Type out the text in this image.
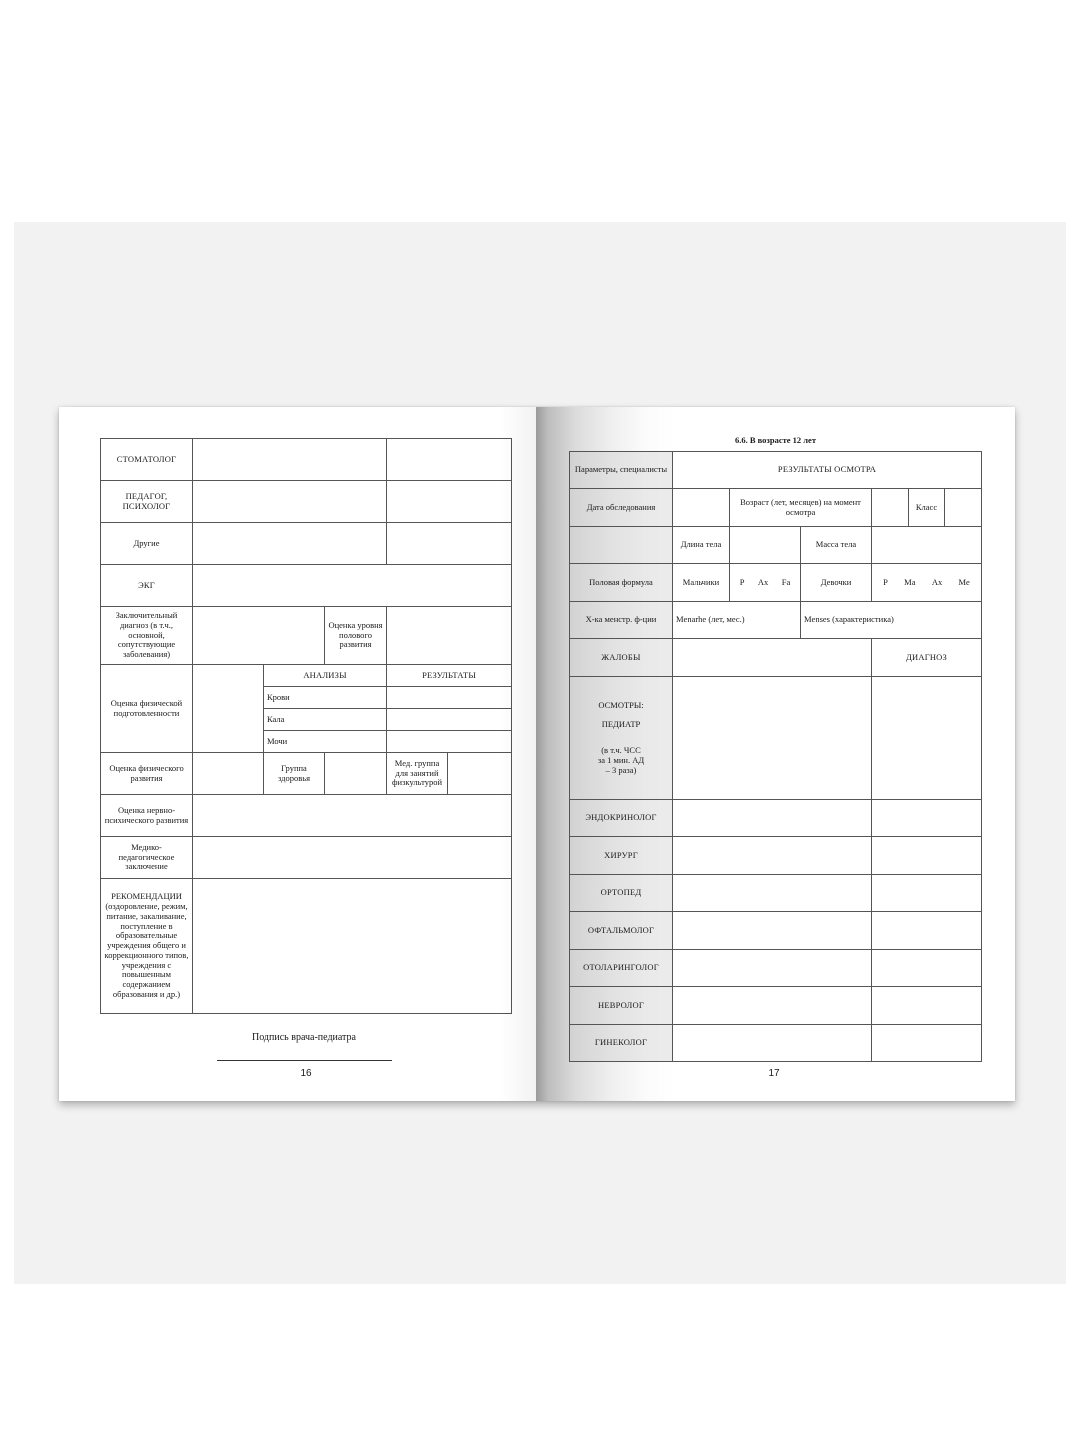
СТОМАТОЛОГ					
ПЕДАГОГ, ПСИХОЛОГ					
Другие					
ЭКГ					
Заключительный диагноз (в т.ч., основной, сопутствующие заболевания)			Оценка уровня полового развития		
Оценка физической подготовленности		АНАЛИЗЫ		РЕЗУЛЬТАТЫ	
		Крови			
		Кала			
		Мочи			
Оценка физического развития		Группа здоровья		Мед. группа для занятий физкультурой	
Оценка нервно-психического развития					
Медико-педагогическое заключение					
РЕКОМЕНДАЦИИ (оздоровление, режим, питание, закаливание, поступление в образовательные учреждения общего и коррекционного типов, учреждения с повышенным содержанием образования и др.)					
Подпись врача-педиатра
16
6.6. В возрасте 12 лет
Параметры, специалисты	РЕЗУЛЬТАТЫ ОСМОТРА					
Дата обследования		Возраст (лет, месяцев) на момент осмотра			Класс	
	Длина тела		Масса тела			
Половая формула	Мальчики	P Ax Fa	Девочки	P Ma Ax Me		

Х-ка менстр. ф-ции	Menarhe (лет, мес.)		Menses (характеристика)			
ЖАЛОБЫ				ДИАГНОЗ		

ОСМОТРЫ:
ПЕДИАТР
(в т.ч. ЧСС за 1 мин. АД – 3 раза)						

ЭНДОКРИНОЛОГ						
ХИРУРГ						
ОРТОПЕД						
ОФТАЛЬМОЛОГ						
ОТОЛАРИНГОЛОГ						
НЕВРОЛОГ						
ГИНЕКОЛОГ						
17
